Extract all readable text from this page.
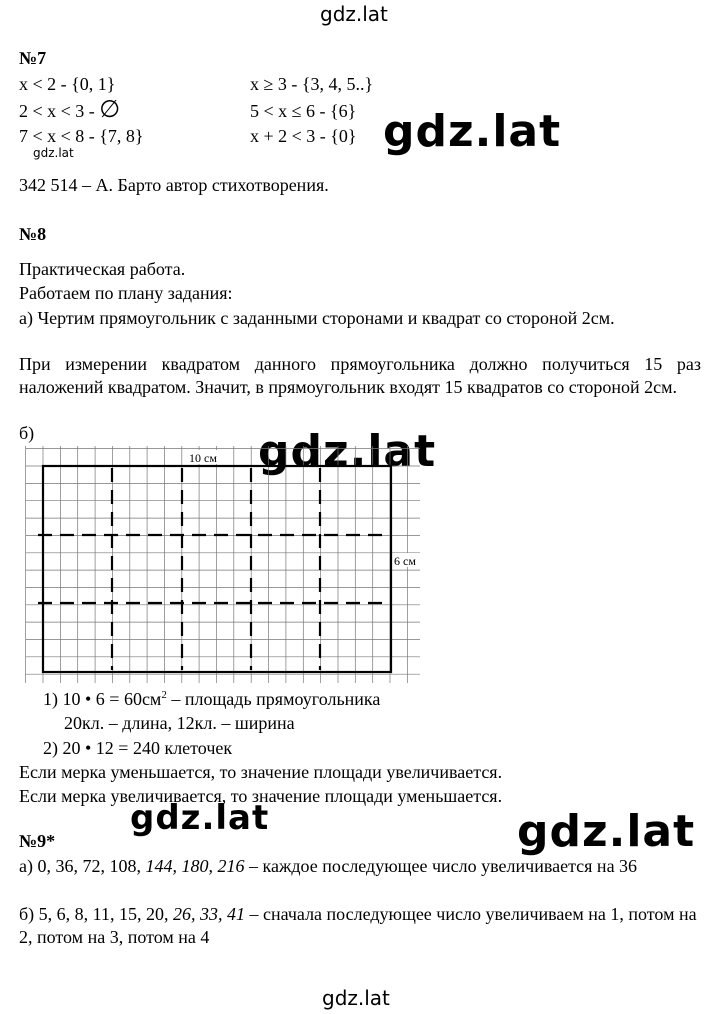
gdz.lat
gdz.lat
gdz.lat
gdz.lat
gdz.lat	gdz.lat
gdz.lat
№7
x < 2 - {0, 1}
2 < x < 3 - ∅
7 < x < 8 - {7, 8}
x ≥ 3 - {3, 4, 5..}
5 < x ≤ 6 - {6}
x + 2 < 3 - {0}
342 514 – А. Барто автор стихотворения.
№8
Практическая работа.
Работаем по плану задания:
а) Чертим прямоугольник с заданными сторонами и квадрат со стороной 2см.
При измерении квадратом данного прямоугольника должно получиться 15 раз наложений квадратом. Значит, в прямоугольник входят 15 квадратов со стороной 2см.
б)
10 см
6 см
1) 10 • $6 = 60см^2$ – площадь прямоугольника
20кл. – длина, 12кл. – ширина
2) 20 • 12 = 240 клеточек
Если мерка уменьшается, то значение площади увеличивается.
Если мерка увеличивается, то значение площади уменьшается.
№9*
а) 0, 36, 72, 108, 144, 180, 216 – каждое последующее число увеличивается на 36
б) 5, 6, 8, 11, 15, 20, 26, 33, 41 – сначала последующее число увеличиваем на 1, потом на 2, потом на 3, потом на 4
